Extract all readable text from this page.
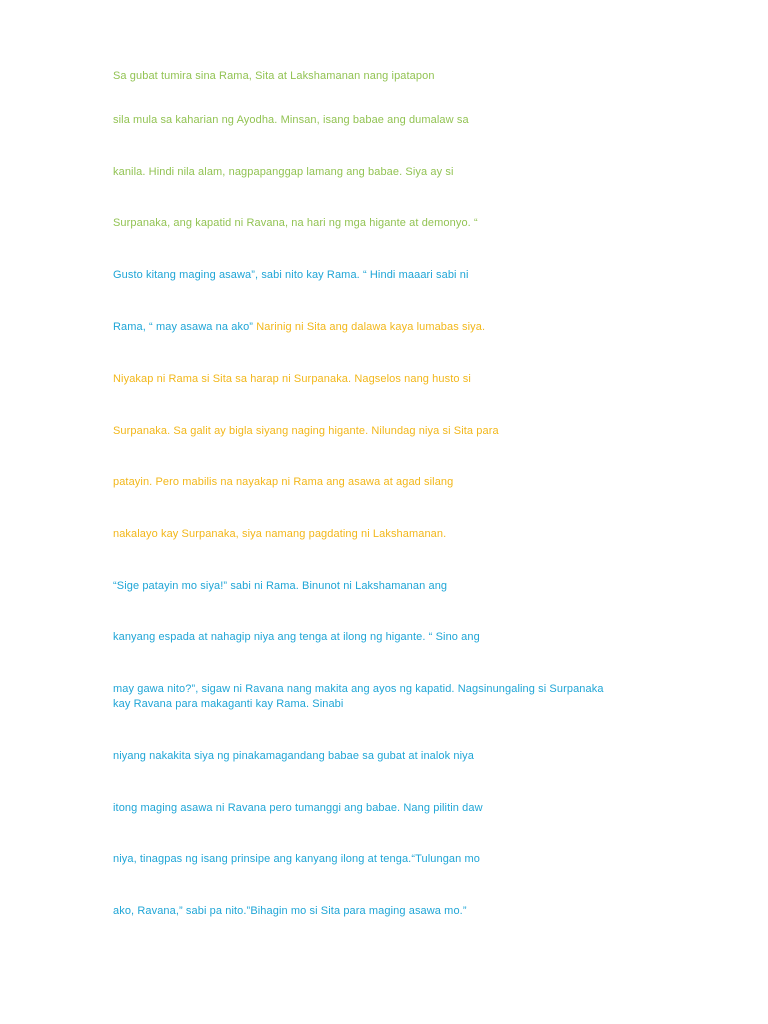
Sa gubat tumira sina Rama, Sita at Lakshamanan nang ipatapon
sila mula sa kaharian ng Ayodha. Minsan, isang babae ang dumalaw sa
kanila. Hindi nila alam, nagpapanggap lamang ang babae. Siya ay si
Surpanaka, ang kapatid ni Ravana, na hari ng mga higante at demonyo. “
Gusto kitang maging asawa”, sabi nito kay Rama. “ Hindi maaari sabi ni
Rama, “ may asawa na ako” Narinig ni Sita ang dalawa kaya lumabas siya.
Niyakap ni Rama si Sita sa harap ni Surpanaka. Nagselos nang husto si
Surpanaka. Sa galit ay bigla siyang naging higante. Nilundag niya si Sita para
patayin. Pero mabilis na nayakap ni Rama ang asawa at agad silang
nakalayo kay Surpanaka, siya namang pagdating ni Lakshamanan.
“Sige patayin mo siya!” sabi ni Rama. Binunot ni Lakshamanan ang
kanyang espada at nahagip niya ang tenga at ilong ng higante. “ Sino ang
may gawa nito?”, sigaw ni Ravana nang makita ang ayos ng kapatid. Nagsinungaling si Surpanaka
kay Ravana para makaganti kay Rama. Sinabi
niyang nakakita siya ng pinakamagandang babae sa gubat at inalok niya
itong maging asawa ni Ravana pero tumanggi ang babae. Nang pilitin daw
niya, tinagpas ng isang prinsipe ang kanyang ilong at tenga.“Tulungan mo
ako, Ravana,” sabi pa nito.”Bihagin mo si Sita para maging asawa mo.”
